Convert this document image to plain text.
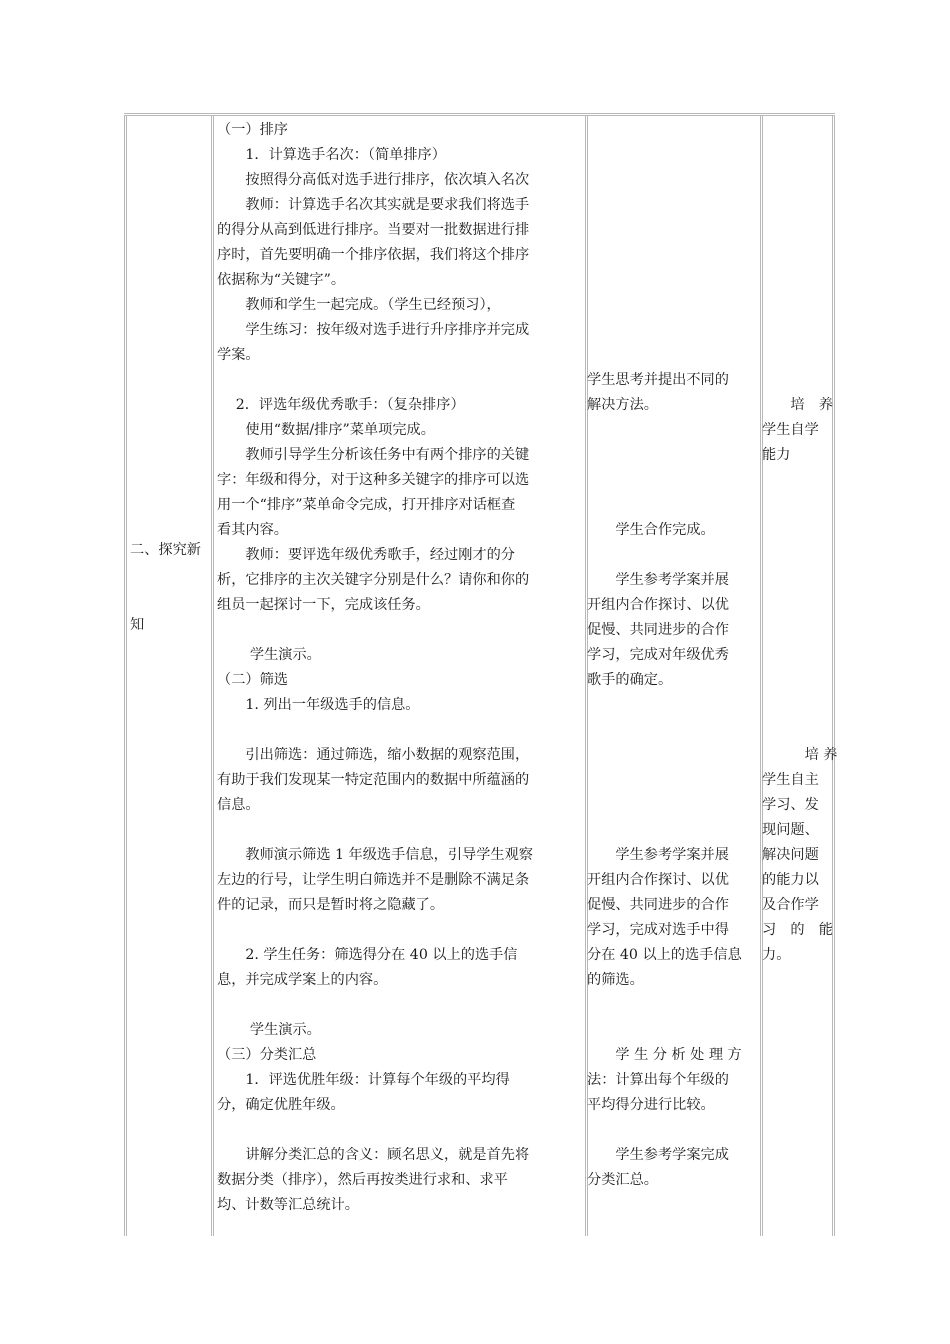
二、探究新

知

（一）排序
　　1．计算选手名次：（简单排序）
　　按照得分高低对选手进行排序，依次填入名次
　　教师：计算选手名次其实就是要求我们将选手
的得分从高到低进行排序。当要对一批数据进行排
序时，首先要明确一个排序依据，我们将这个排序
依据称为“关键字”。
　　教师和学生一起完成。（学生已经预习），
　　学生练习：按年级对选手进行升序排序并完成
学案。
　 2．评选年级优秀歌手：（复杂排序）
　　使用“数据/排序”菜单项完成。
　　教师引导学生分析该任务中有两个排序的关键
字：年级和得分，对于这种多关键字的排序可以选
用一个“排序”菜单命令完成，打开排序对话框查
看其内容。
　　教师：要评选年级优秀歌手，经过刚才的分
析，它排序的主次关键字分别是什么？请你和你的
组员一起探讨一下，完成该任务。
　　 学生演示。
（二）筛选
　　1. 列出一年级选手的信息。
　　引出筛选：通过筛选，缩小数据的观察范围，
有助于我们发现某一特定范围内的数据中所蕴涵的
信息。
　　教师演示筛选 1 年级选手信息，引导学生观察
左边的行号，让学生明白筛选并不是删除不满足条
件的记录，而只是暂时将之隐藏了。
　　2. 学生任务：筛选得分在 40 以上的选手信
息，并完成学案上的内容。
　　 学生演示。
（三）分类汇总
　　1．评选优胜年级：计算每个年级的平均得
分，确定优胜年级。
　　讲解分类汇总的含义：顾名思义，就是首先将
数据分类（排序），然后再按类进行求和、求平
均、计数等汇总统计。
学生思考并提出不同的
解决方法。
　　学生合作完成。
　　学生参考学案并展
开组内合作探讨、以优
促慢、共同进步的合作
学习，完成对年级优秀
歌手的确定。
　　学生参考学案并展
开组内合作探讨、以优
促慢、共同进步的合作
学习，完成对选手中得
分在 40 以上的选手信息
的筛选。
　　学 生 分 析 处 理 方
法：计算出每个年级的
平均得分进行比较。
　　学生参考学案完成
分类汇总。
　　培　养
学生自学
能力
　　　培 养
学生自主
学习、发
现问题、
解决问题
的能力以
及合作学
习　的　能
力。
